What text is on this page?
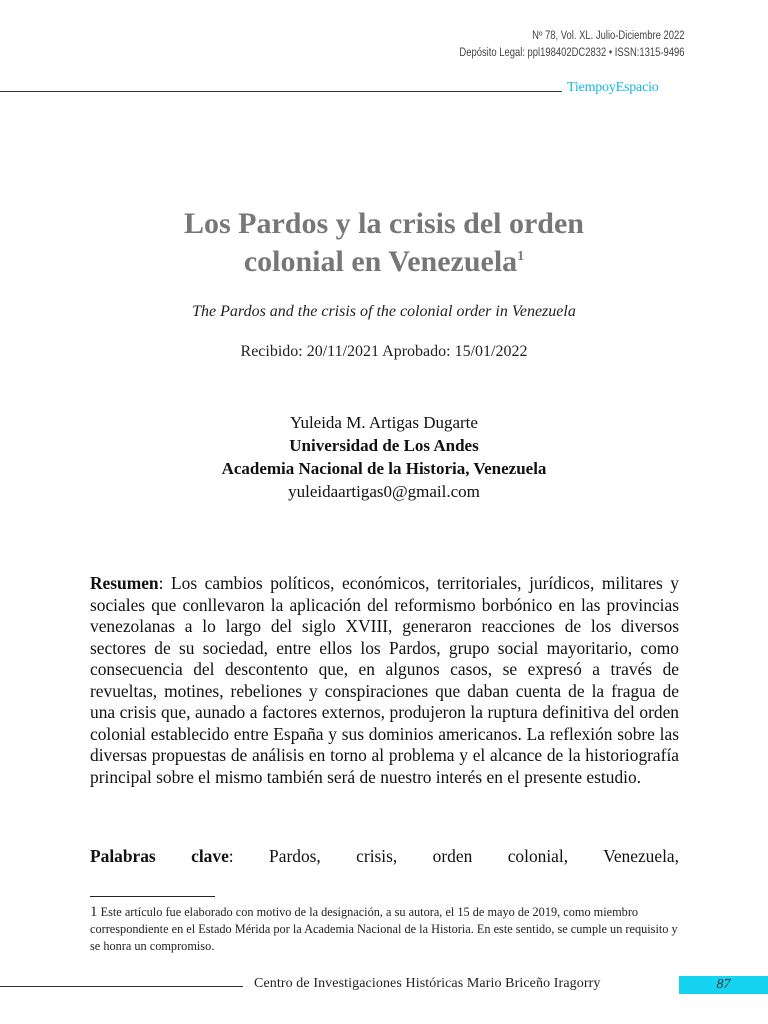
Nº 78, Vol. XL. Julio-Diciembre 2022
Depósito Legal: ppl198402DC2832 • ISSN:1315-9496
TiempoyEspacio
Los Pardos y la crisis del orden
colonial en Venezuela$^1$
The Pardos and the crisis of the colonial order in Venezuela
Recibido: 20/11/2021 Aprobado: 15/01/2022
Yuleida M. Artigas Dugarte
Universidad de Los Andes
Academia Nacional de la Historia, Venezuela
yuleidaartigas0@gmail.com
Resumen: Los cambios políticos, económicos, territoriales, jurídicos, militares y sociales que conllevaron la aplicación del reformismo borbónico en las provincias venezolanas a lo largo del siglo XVIII, generaron reacciones de los diversos sectores de su sociedad, entre ellos los Pardos, grupo social mayoritario, como consecuencia del descontento que, en algunos casos, se expresó a través de revueltas, motines, rebeliones y conspiraciones que daban cuenta de la fragua de una crisis que, aunado a factores externos, produjeron la ruptura definitiva del orden colonial establecido entre España y sus dominios americanos. La reflexión sobre las diversas propuestas de análisis en torno al problema y el alcance de la historiografía principal sobre el mismo también será de nuestro interés en el presente estudio.
Palabras clave: Pardos, crisis, orden colonial, Venezuela,
1 Este artículo fue elaborado con motivo de la designación, a su autora, el 15 de mayo de 2019, como miembro correspondiente en el Estado Mérida por la Academia Nacional de la Historia. En este sentido, se cumple un requisito y se honra un compromiso.
Centro de Investigaciones Históricas Mario Briceño Iragorry	87
